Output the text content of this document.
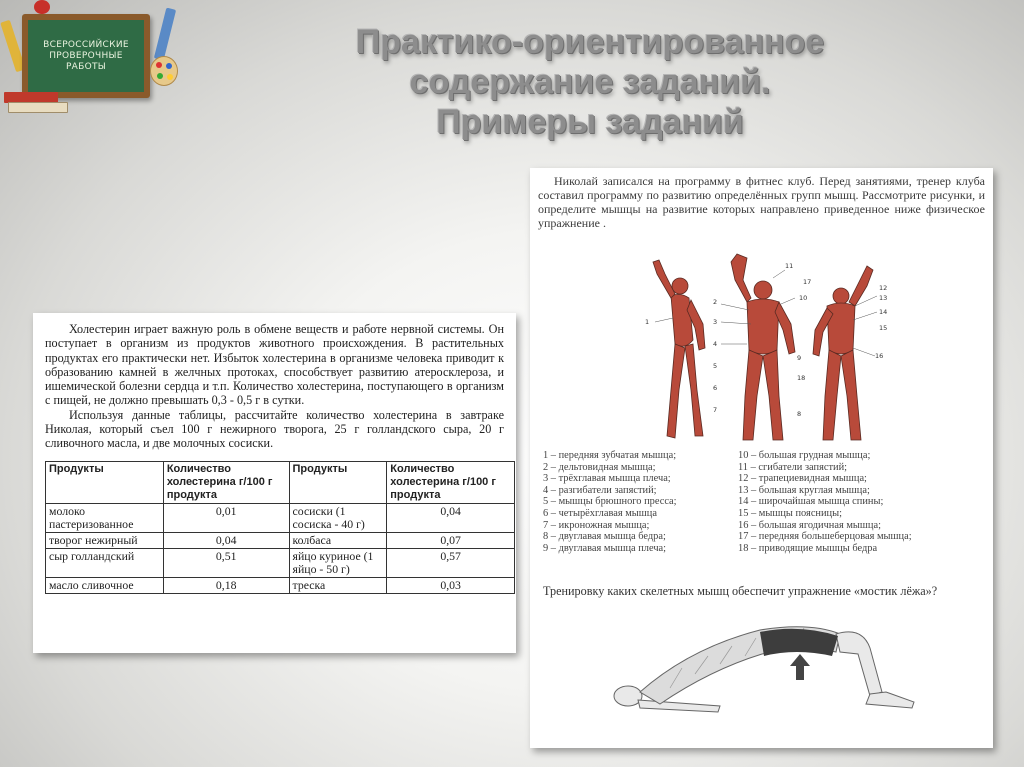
ВСЕРОССИЙСКИЕ ПРОВЕРОЧНЫЕ РАБОТЫ
Практико-ориентированное
содержание заданий.
Примеры заданий

Холестерин играет важную роль в обмене веществ и работе нервной системы. Он поступает в организм из продуктов животного происхождения. В растительных продуктах его практически нет. Избыток холестерина в организме человека приводит к образованию камней в желчных протоках, способствует развитию атеросклероза, и ишемической болезни сердца и т.п. Количество холестерина, поступающего в организм с пищей, не должно превышать 0,3 - 0,5 г в сутки.

Используя данные таблицы, рассчитайте количество холестерина в завтраке Николая, который съел 100 г нежирного творога, 25 г голландского сыра, 20 г сливочного масла, и две молочных сосиски.

Продукты	Количество холестерина г/100 г продукта	Продукты	Количество холестерина г/100 г продукта
молоко пастеризованное	0,01	сосиски (1 сосиска - 40 г)	0,04
творог нежирный	0,04	колбаса	0,07
сыр голландский	0,51	яйцо куриное (1 яйцо - 50 г)	0,57
масло сливочное	0,18	треска	0,03

Николай записался на программу в фитнес клуб. Перед занятиями, тренер клуба составил программу по развитию определённых групп мышц. Рассмотрите рисунки, и определите мышцы на развитие которых направлено приведенное ниже физическое упражнение .

1
2
3
4
5
6
7	8
9
10
11
12
13
14
15
16
17
18
1 – передняя зубчатая мышца;
2 – дельтовидная мышца;
3 – трёхглавая мышца плеча;
4 – разгибатели запястий;
5 – мышцы брюшного пресса;
6 – четырёхглавая мышца
7 – икроножная мышца;
8 – двуглавая мышца бедра;
9 – двуглавая мышца плеча;
10 – большая грудная мышца;
11 – сгибатели запястий;
12 – трапециевидная мышца;
13 – большая круглая мышца;
14 – широчайшая мышца спины;
15 – мышцы поясницы;
16 – большая ягодичная мышца;
17 – передняя большеберцовая мышца;
18 – приводящие мышцы бедра
Тренировку каких скелетных мышц обеспечит упражнение «мостик лёжа»?
